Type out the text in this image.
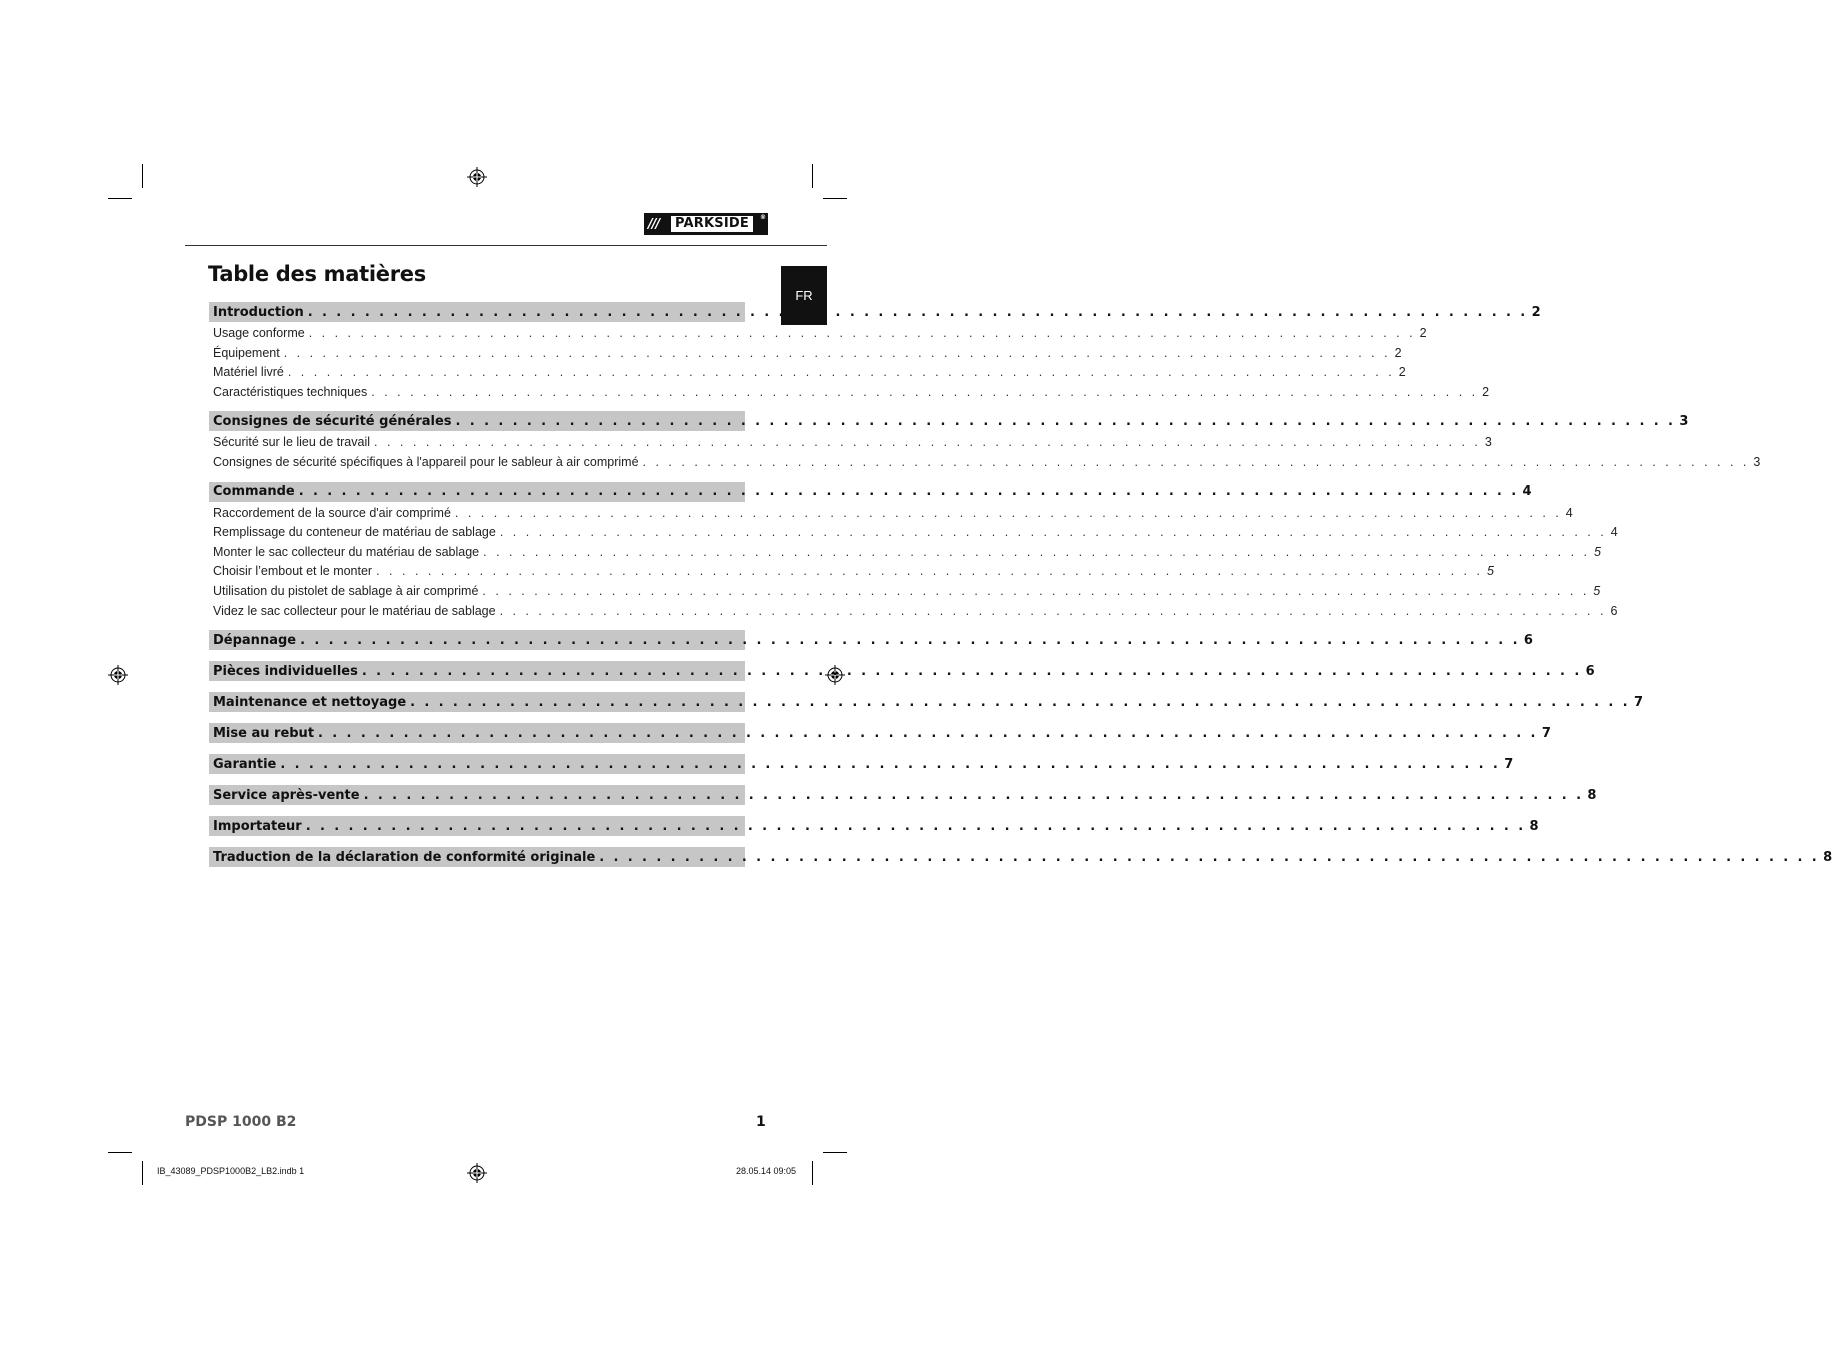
///	PARKSIDE	®
FR
Table des matières
Introduction . . . . . . . . . . . . . . . . . . . . . . . . . . . . . . . . . . . . . . . . . . . . . . . . . . . . . . . . . . . . . . . . . . . . . . . . . . . . . . . . . . . . . . 2
Usage conforme . . . . . . . . . . . . . . . . . . . . . . . . . . . . . . . . . . . . . . . . . . . . . . . . . . . . . . . . . . . . . . . . . . . . . . . . . . . . . . . . . . . . . . 2
Équipement . . . . . . . . . . . . . . . . . . . . . . . . . . . . . . . . . . . . . . . . . . . . . . . . . . . . . . . . . . . . . . . . . . . . . . . . . . . . . . . . . . . . . . 2
Matériel livré . . . . . . . . . . . . . . . . . . . . . . . . . . . . . . . . . . . . . . . . . . . . . . . . . . . . . . . . . . . . . . . . . . . . . . . . . . . . . . . . . . . . . . 2
Caractéristiques techniques . . . . . . . . . . . . . . . . . . . . . . . . . . . . . . . . . . . . . . . . . . . . . . . . . . . . . . . . . . . . . . . . . . . . . . . . . . . . . . . . . . . . . . 2
Consignes de sécurité générales . . . . . . . . . . . . . . . . . . . . . . . . . . . . . . . . . . . . . . . . . . . . . . . . . . . . . . . . . . . . . . . . . . . . . . . . . . . . . . . . . . . . . . 3
Sécurité sur le lieu de travail . . . . . . . . . . . . . . . . . . . . . . . . . . . . . . . . . . . . . . . . . . . . . . . . . . . . . . . . . . . . . . . . . . . . . . . . . . . . . . . . . . . . . . 3
Consignes de sécurité spécifiques à l'appareil pour le sableur à air comprimé . . . . . . . . . . . . . . . . . . . . . . . . . . . . . . . . . . . . . . . . . . . . . . . . . . . . . . . . . . . . . . . . . . . . . . . . . . . . . . . . . . . . . . 3
Commande . . . . . . . . . . . . . . . . . . . . . . . . . . . . . . . . . . . . . . . . . . . . . . . . . . . . . . . . . . . . . . . . . . . . . . . . . . . . . . . . . . . . . . 4
Raccordement de la source d'air comprimé . . . . . . . . . . . . . . . . . . . . . . . . . . . . . . . . . . . . . . . . . . . . . . . . . . . . . . . . . . . . . . . . . . . . . . . . . . . . . . . . . . . . . . 4
Remplissage du conteneur de matériau de sablage . . . . . . . . . . . . . . . . . . . . . . . . . . . . . . . . . . . . . . . . . . . . . . . . . . . . . . . . . . . . . . . . . . . . . . . . . . . . . . . . . . . . . . 4
Monter le sac collecteur du matériau de sablage . . . . . . . . . . . . . . . . . . . . . . . . . . . . . . . . . . . . . . . . . . . . . . . . . . . . . . . . . . . . . . . . . . . . . . . . . . . . . . . . . . . . . . 5
Choisir l’embout et le monter . . . . . . . . . . . . . . . . . . . . . . . . . . . . . . . . . . . . . . . . . . . . . . . . . . . . . . . . . . . . . . . . . . . . . . . . . . . . . . . . . . . . . . 5
Utilisation du pistolet de sablage à air comprimé . . . . . . . . . . . . . . . . . . . . . . . . . . . . . . . . . . . . . . . . . . . . . . . . . . . . . . . . . . . . . . . . . . . . . . . . . . . . . . . . . . . . . . 5
Videz le sac collecteur pour le matériau de sablage . . . . . . . . . . . . . . . . . . . . . . . . . . . . . . . . . . . . . . . . . . . . . . . . . . . . . . . . . . . . . . . . . . . . . . . . . . . . . . . . . . . . . . 6
Dépannage . . . . . . . . . . . . . . . . . . . . . . . . . . . . . . . . . . . . . . . . . . . . . . . . . . . . . . . . . . . . . . . . . . . . . . . . . . . . . . . . . . . . . . 6
Pièces individuelles . . . . . . . . . . . . . . . . . . . . . . . . . . . . . . . . . . . . . . . . . . . . . . . . . . . . . . . . . . . . . . . . . . . . . . . . . . . . . . . . . . . . . . 6
Maintenance et nettoyage . . . . . . . . . . . . . . . . . . . . . . . . . . . . . . . . . . . . . . . . . . . . . . . . . . . . . . . . . . . . . . . . . . . . . . . . . . . . . . . . . . . . . . 7
Mise au rebut . . . . . . . . . . . . . . . . . . . . . . . . . . . . . . . . . . . . . . . . . . . . . . . . . . . . . . . . . . . . . . . . . . . . . . . . . . . . . . . . . . . . . . 7
Garantie . . . . . . . . . . . . . . . . . . . . . . . . . . . . . . . . . . . . . . . . . . . . . . . . . . . . . . . . . . . . . . . . . . . . . . . . . . . . . . . . . . . . . . 7
Service après-vente . . . . . . . . . . . . . . . . . . . . . . . . . . . . . . . . . . . . . . . . . . . . . . . . . . . . . . . . . . . . . . . . . . . . . . . . . . . . . . . . . . . . . . 8
Importateur . . . . . . . . . . . . . . . . . . . . . . . . . . . . . . . . . . . . . . . . . . . . . . . . . . . . . . . . . . . . . . . . . . . . . . . . . . . . . . . . . . . . . . 8
Traduction de la déclaration de conformité originale . . . . . . . . . . . . . . . . . . . . . . . . . . . . . . . . . . . . . . . . . . . . . . . . . . . . . . . . . . . . . . . . . . . . . . . . . . . . . . . . . . . . . . 8
PDSP 1000 B2	1
IB_43089_PDSP1000B2_LB2.indb 1	28.05.14 09:05
